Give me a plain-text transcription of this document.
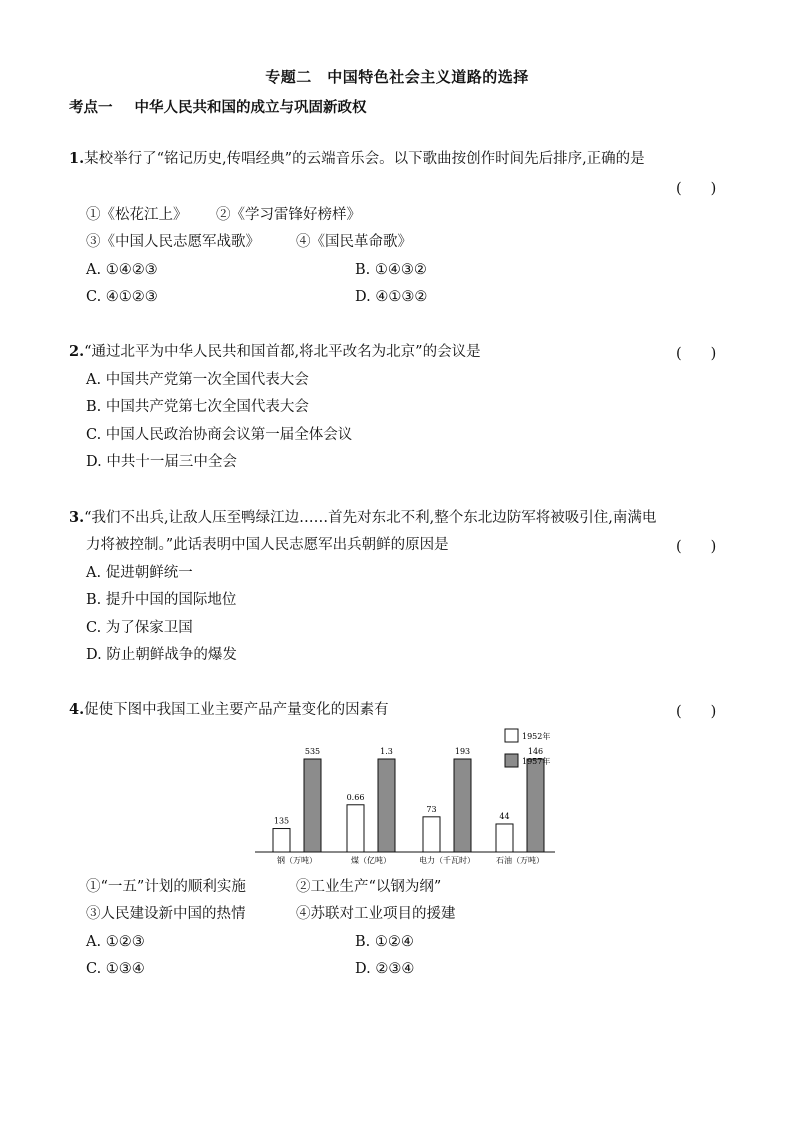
专题二　中国特色社会主义道路的选择
考点一 中华人民共和国的成立与巩固新政权
1.某校举行了“铭记历史,传唱经典”的云端音乐会。以下歌曲按创作时间先后排序,正确的是
(　　)
①《松花江上》 ②《学习雷锋好榜样》
③《中国人民志愿军战歌》 ④《国民革命歌》
A. ①④②③	B. ①④③②
C. ④①②③	D. ④①③②
2.“通过北平为中华人民共和国首都,将北平改名为北京”的会议是	(　　)
A. 中国共产党第一次全国代表大会
B. 中国共产党第七次全国代表大会
C. 中国人民政治协商会议第一届全体会议
D. 中共十一届三中全会
3.“我们不出兵,让敌人压至鸭绿江边……首先对东北不利,整个东北边防军将被吸引住,南满电
力将被控制。”此话表明中国人民志愿军出兵朝鲜的原因是	(　　)
A. 促进朝鲜统一
B. 提升中国的国际地位
C. 为了保家卫国
D. 防止朝鲜战争的爆发
4.促使下图中我国工业主要产品产量变化的因素有	(　　)
135
535
钢（万吨）
0.66
1.3
煤（亿吨）
73
193
电力（千瓦时）
44
146
石油（万吨）
1952年
1957年
①“一五”计划的顺利实施	②工业生产“以钢为纲”
③人民建设新中国的热情	④苏联对工业项目的援建
A. ①②③	B. ①②④
C. ①③④	D. ②③④
